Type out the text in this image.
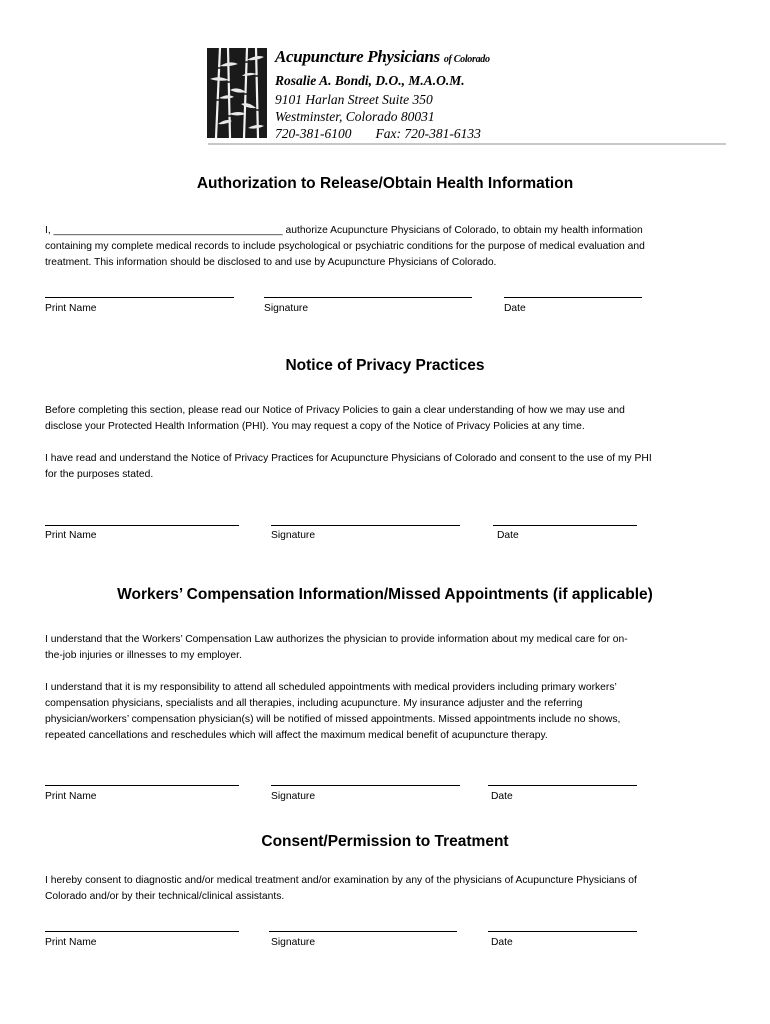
Acupuncture Physicians of Colorado
Rosalie A. Bondi, D.O., M.A.O.M.
9101 Harlan Street Suite 350
Westminster, Colorado 80031
720-381-6100 Fax: 720-381-6133
Authorization to Release/Obtain Health Information
I, ________________________________________ authorize Acupuncture Physicians of Colorado, to obtain my health information
containing my complete medical records to include psychological or psychiatric conditions for the purpose of medical evaluation and
treatment. This information should be disclosed to and use by Acupuncture Physicians of Colorado.
Print Name	Signature	Date
Notice of Privacy Practices
Before completing this section, please read our Notice of Privacy Policies to gain a clear understanding of how we may use and
disclose your Protected Health Information (PHI). You may request a copy of the Notice of Privacy Policies at any time.
I have read and understand the Notice of Privacy Practices for Acupuncture Physicians of Colorado and consent to the use of my PHI
for the purposes stated.
Print Name	Signature	Date
Workers’ Compensation Information/Missed Appointments (if applicable)
I understand that the Workers’ Compensation Law authorizes the physician to provide information about my medical care for on-
the-job injuries or illnesses to my employer.
I understand that it is my responsibility to attend all scheduled appointments with medical providers including primary workers’
compensation physicians, specialists and all therapies, including acupuncture. My insurance adjuster and the referring
physician/workers’ compensation physician(s) will be notified of missed appointments. Missed appointments include no shows,
repeated cancellations and reschedules which will affect the maximum medical benefit of acupuncture therapy.
Print Name	Signature	Date
Consent/Permission to Treatment
I hereby consent to diagnostic and/or medical treatment and/or examination by any of the physicians of Acupuncture Physicians of
Colorado and/or by their technical/clinical assistants.
Print Name	Signature	Date
